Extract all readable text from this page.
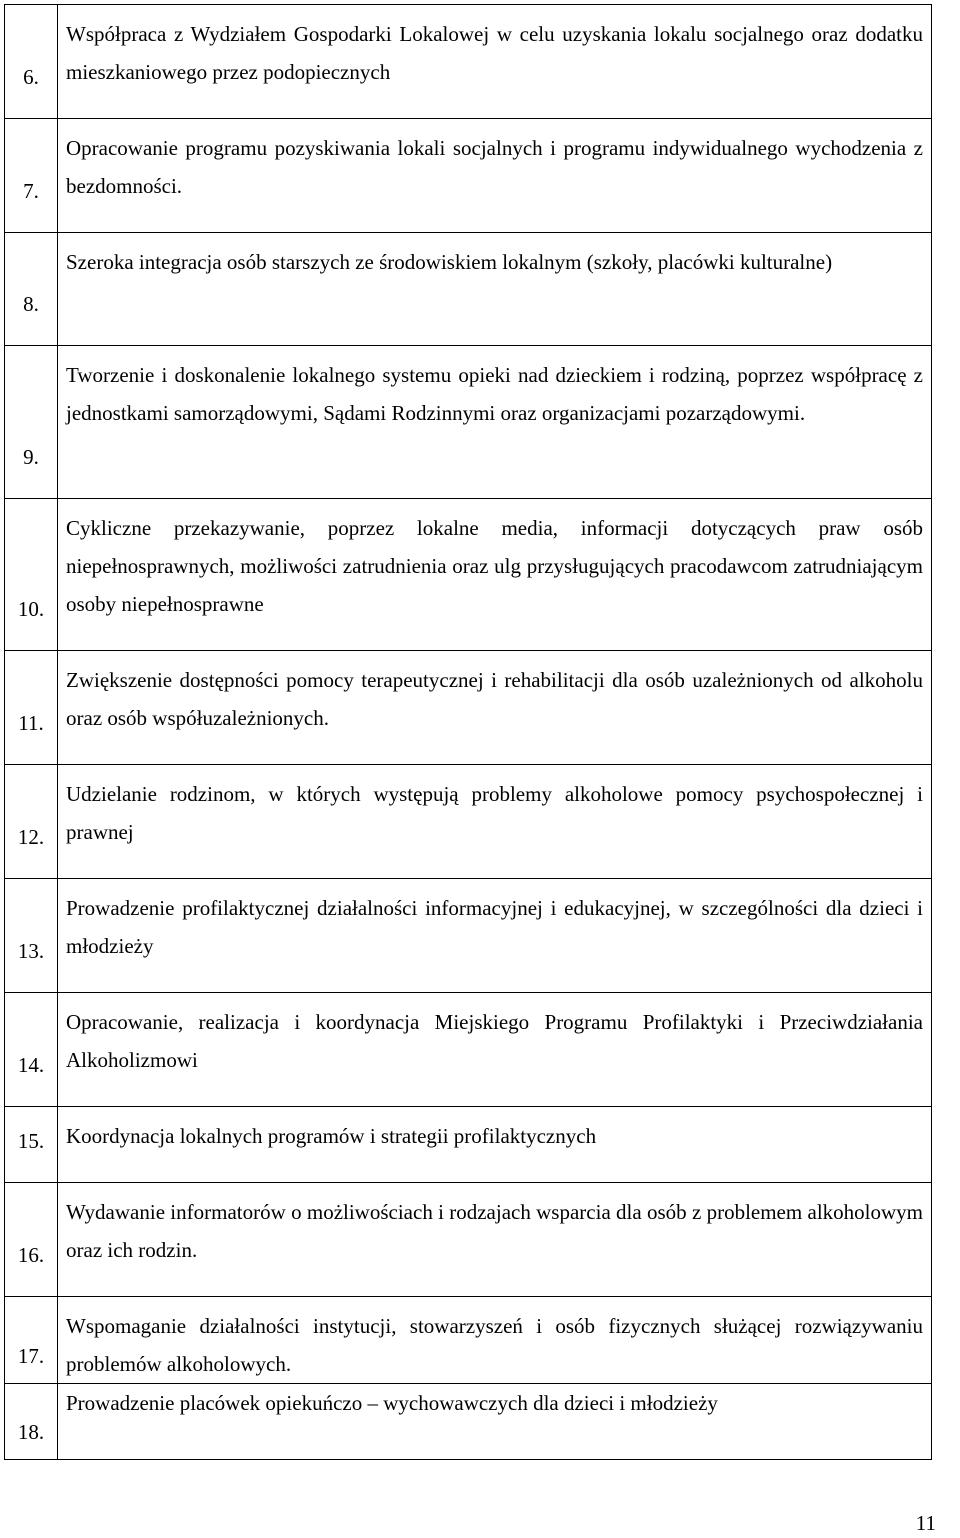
6.	Współpraca z Wydziałem Gospodarki Lokalowej w celu uzyskania lokalu socjalnego oraz dodatku mieszkaniowego przez podopiecznych
7.	Opracowanie programu pozyskiwania lokali socjalnych i programu indywidualnego wychodzenia z bezdomności.
8.	Szeroka integracja osób starszych ze środowiskiem lokalnym (szkoły, placówki kulturalne)
9.	Tworzenie i doskonalenie lokalnego systemu opieki nad dzieckiem i rodziną, poprzez współpracę z jednostkami samorządowymi, Sądami Rodzinnymi oraz organizacjami pozarządowymi.
10.	Cykliczne przekazywanie, poprzez lokalne media, informacji dotyczących praw osób niepełnosprawnych, możliwości zatrudnienia oraz ulg przysługujących pracodawcom zatrudniającym osoby niepełnosprawne
11.	Zwiększenie dostępności pomocy terapeutycznej i rehabilitacji dla osób uzależnionych od alkoholu oraz osób współuzależnionych.
12.	Udzielanie rodzinom, w których występują problemy alkoholowe pomocy psychospołecznej i prawnej
13.	Prowadzenie profilaktycznej działalności informacyjnej i edukacyjnej, w szczególności dla dzieci i młodzieży
14.	Opracowanie, realizacja i koordynacja Miejskiego Programu Profilaktyki i Przeciwdziałania Alkoholizmowi
15.	Koordynacja lokalnych programów i strategii profilaktycznych
16.	Wydawanie informatorów o możliwościach i rodzajach wsparcia dla osób z problemem alkoholowym oraz ich rodzin.
17.	Wspomaganie działalności instytucji, stowarzyszeń i osób fizycznych służącej rozwiązywaniu problemów alkoholowych.
18.	Prowadzenie placówek opiekuńczo – wychowawczych dla dzieci i młodzieży
11
